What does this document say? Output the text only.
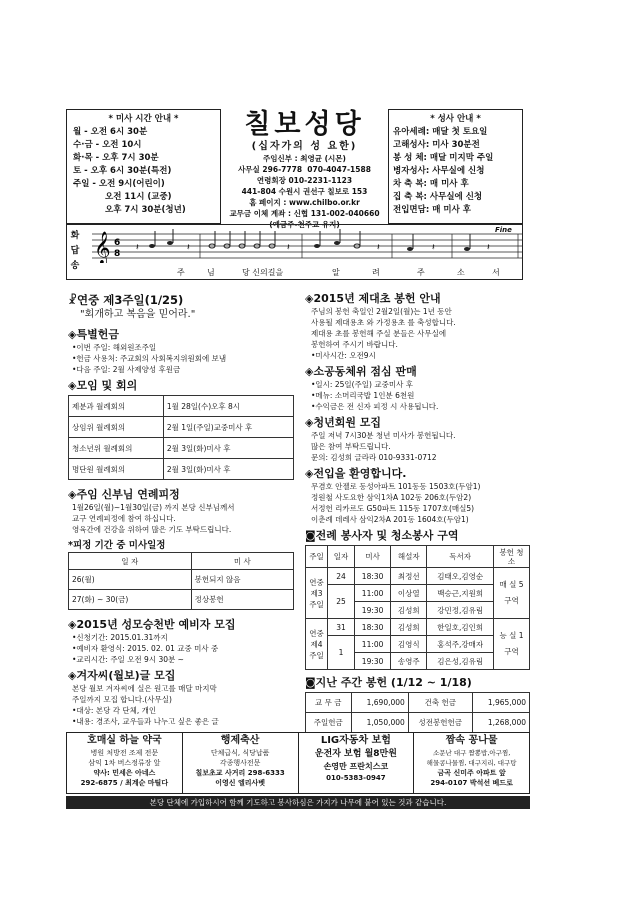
* 미사 시간 안내 *

월 - 오전 6시 30분

수·금 - 오전 10시

화·목 - 오후 7시 30분

토 - 오후 6시 30분(특전)

주일 - 오전 9시(어린이)

오전 11시 (교중)

오후 7시 30분(청년)

칠보성당
(십자가의 성 요한)
주임신부 : 최영균 (시몬)
사무실 296-7778 070-4047-1588
연령회장 010-2231-1123
441-804 수원시 권선구 칠보로 153
홈 페이지 : www.chilbo.or.kr
교무금 이체 계좌 : 신협 131-002-040660
(예금주-천주교 유지)

* 성사 안내 *

유아세례: 매달 첫 토요일

고해성사: 미사 30분전

봉 성 체: 매달 미지막 주일

병자성사: 사무실에 신청

차 축 복: 매 미사 후

집 축 복: 사무실에 신청

전입면담: 매 미사 후

화
답
송
𝄞 6
8
𝄽	𝄽	𝄽	𝄽	𝄽	𝄽
Fine
주	님	당 신의길을	알	려	주	소	서
☧연중 제3주일(1/25)
"회개하고 복음을 믿어라."
◈특별헌금

•이번 주일: 해외원조주일

•헌금 사용처: 주교회의 사회복지위원회에 보냄

•다음 주일: 2월 사제양성 후원금

◈모임 및 회의
제분과 월례회의	1월 28일(수)오후 8시
상임위 월례회의	2월 1일(주일)교중미사 후
청소년위 월례회의	2월 3일(화)미사 후
명단원 월례회의	2월 3일(화)미사 후
◈주임 신부님 연례피정

1월26일(월)~1월30일(금) 까지 본당 신부님께서

교구 연례피정에 참여 하십니다.

영육간에 건강을 위하여 많은 기도 부탁드립니다.

*피정 기간 중 미사일정
일 자	미 사
26(월)	봉헌되지 않음
27(화) ~ 30(금)	정상봉헌
◈2015년 성모승천반 예비자 모집

•신청기간: 2015.01.31까지

•예비자 환영식: 2015. 02. 01 교중 미사 중

•교리시간: 주일 오전 9시 30분 ~

◈겨자씨(월보)글 모집

본당 월보 겨자씨에 실은 원고를 매달 마지막

주일까지 모집 합니다.(사무실)

•대상: 본당 각 단체, 개인

•내용: 경조사, 교우들과 나누고 싶은 좋은 글

◈2015년 제대초 봉헌 안내

주님의 봉헌 축일인 2월2일(월)는 1년 동안

사용될 제대용초 와 가정용초 를 축성합니다.

제대용 초를 봉헌해 주실 분들은 사무실에

봉헌하여 주시기 바랍니다.

•미사시간: 오전9시

◈소공동체위 점심 판매

•일시: 25일(주일) 교중미사 후

•메뉴: 소머리국밥 1인분 6천원

•수익금은 전 신자 피정 시 사용됩니다.

◈청년회원 모집

주일 저녁 7시30분 청년 미사가 봉헌됩니다.

많은 참여 부탁드립니다.

문의: 김성희 글라라 010-9331-0712

◈전입을 환영합니다.

무겸호 안젤로 동성아파트 101동동 1503호(두암1)

정원철 사도요한 삼익1차A 102동 206호(두암2)

서정헌 리카르도 G50파트 115동 1707호(매실5)

이춘례 데레사 삼익2차A 201동 1604호(두암1)

◙전례 봉사자 및 청소봉사 구역
주일	일자	미사	해설자	독서자	봉헌 청소
연중 제3 주일	24	18:30	최정선	김태오,김영순	매 실 5구역
	25	11:00	이상열	백승근,지원희	
		19:30	김성희	강민정,김유림	
연중 제4 주일	31	18:30	김성희	한일호,김인희	능 실 1구역
	1	11:00	김영식	홍석주,강매자	
		19:30	송영주	김은성,김유림	
◙지난 주간 봉헌 (1/12 ~ 1/18)
교 무 금	1,690,000	건축 헌금	1,965,000
주일헌금	1,050,000	성전봉헌헌금	1,268,000
호매실 하늘 약국
병원 처방전 조제 전문
삼익 1차 버스정류장 앞
약사: 민세은 아네스
292-6875 / 최계순 마틸다
행제축산
단체급식, 식당납품
각종행사전문
칠보초교 사거리 298-6333
이영신 엘리사벳
LIG자동차 보험
운전자 보험 월8만원
손영만 프란치스코
010-5383-0947
짬속 꽁나물
소문난 대구 짬뽕밥,아구찜,
해물콩나물찜, 대구지리, 대구탕
금곡 신미주 아파트 앞
294-0107 박석선 베드로
본당 단체에 가입하시어 함께 기도하고 봉사하심은 가지가 나무에 붙어 있는 것과 같습니다.
